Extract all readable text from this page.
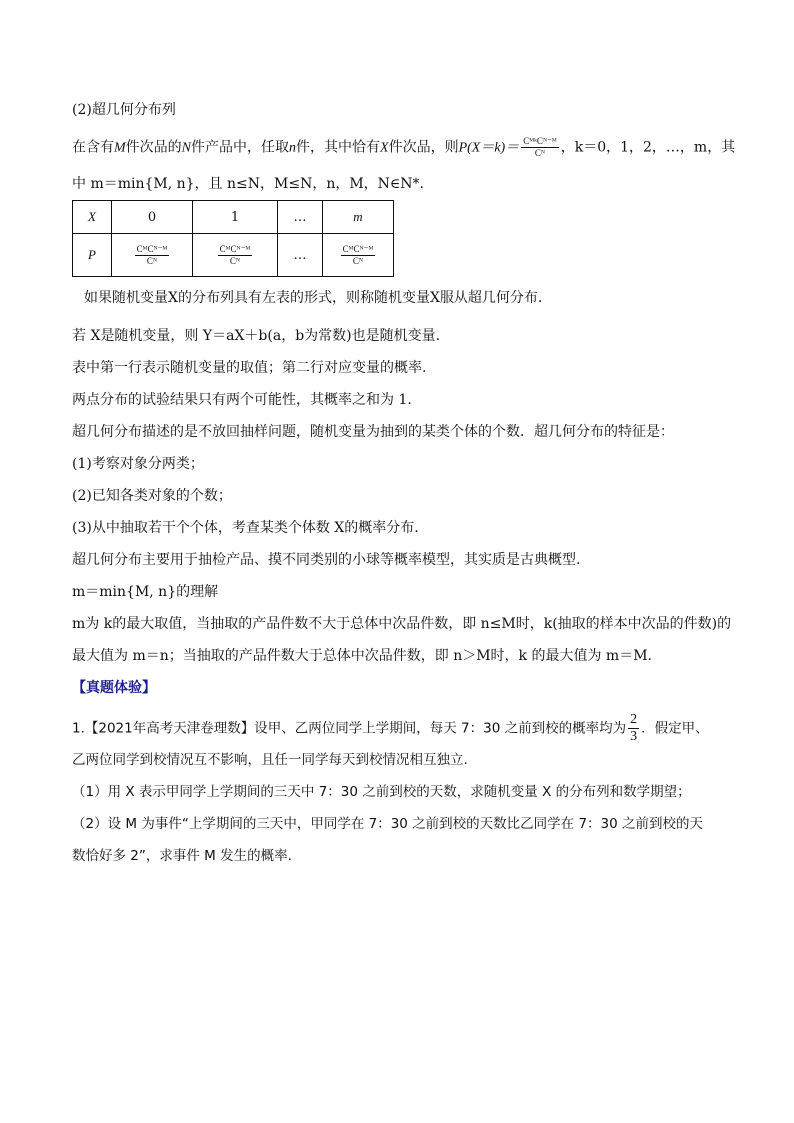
(2)超几何分布列
在含有M件次品的N件产品中，任取n件，其中恰有X件次品，则$P(X=k)= \frac{\text{CᴹᵏCᴺ⁻ᴹ}}{\text{Cᴺ}}$ ，k＝0，1，2，…，m，其
中 m＝min{M, n}，且 n≤N，M≤N，n，M，N∈N*.
X	0	1	…	m
P	$\frac{\text{CᴹCᴺ⁻ᴹ}}{\text{Cᴺ}}$	$\frac{\text{CᴹCᴺ⁻ᴹ}}{\text{Cᴺ}}$	…	$\frac{\text{CᴹCᴺ⁻ᴹ}}{\text{Cᴺ}}$
如果随机变量X的分布列具有左表的形式，则称随机变量X服从超几何分布.
若 X是随机变量，则 Y＝aX＋b(a，b为常数)也是随机变量.
表中第一行表示随机变量的取值；第二行对应变量的概率.
两点分布的试验结果只有两个可能性，其概率之和为 1.
超几何分布描述的是不放回抽样问题，随机变量为抽到的某类个体的个数．超几何分布的特征是：
(1)考察对象分两类；
(2)已知各类对象的个数；
(3)从中抽取若干个个体，考查某类个体数 X的概率分布.
超几何分布主要用于抽检产品、摸不同类别的小球等概率模型，其实质是古典概型.
m＝min{M, n}的理解
m为 k的最大取值，当抽取的产品件数不大于总体中次品件数，即 n≤M时，k(抽取的样本中次品的件数)的
最大值为 m＝n；当抽取的产品件数大于总体中次品件数，即 n＞M时，k 的最大值为 m＝M.
【真题体验】
1.【2021年高考天津卷理数】设甲、乙两位同学上学期间，每天 7：30 之前到校的概率均为 $\frac{2}{3}$ ．假定甲、
乙两位同学到校情况互不影响，且任一同学每天到校情况相互独立.
（1）用 X 表示甲同学上学期间的三天中 7：30 之前到校的天数，求随机变量 X 的分布列和数学期望；
（2）设 M 为事件“上学期间的三天中，甲同学在 7：30 之前到校的天数比乙同学在 7：30 之前到校的天
数恰好多 2”，求事件 M 发生的概率.
